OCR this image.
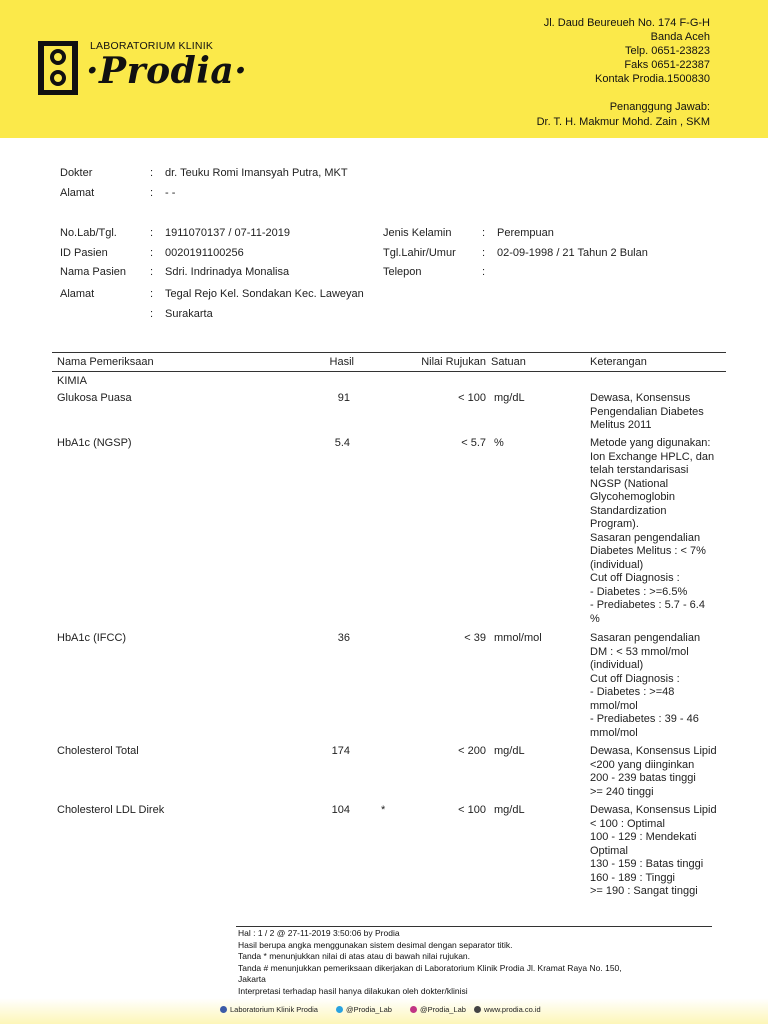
LABORATORIUM KLINIK
·Prodia·
Jl. Daud Beureueh No. 174 F-G-H
Banda Aceh
Telp. 0651-23823
Faks 0651-22387
Kontak Prodia.1500830
Penanggung Jawab:
Dr. T. H. Makmur Mohd. Zain , SKM
Dokter	: dr. Teuku Romi Imansyah Putra, MKT
Alamat	: - -
No.Lab/Tgl.	: 1911070137 / 07-11-2019
ID Pasien	: 0020191100256
Nama Pasien : Sdri. Indrinadya Monalisa
Alamat	: Tegal Rejo Kel. Sondakan Kec. Laweyan
: Surakarta
Jenis Kelamin	: Perempuan
Tgl.Lahir/Umur : 02-09-1998 / 21 Tahun 2 Bulan
Telepon	:
Nama Pemeriksaan	Hasil	Nilai Rujukan Satuan	Keterangan
KIMIA
Glukosa Puasa	91	< 100 mg/dL	Dewasa, Konsensus
Pengendalian Diabetes
Melitus 2011
HbA1c (NGSP)	5.4	< 5.7 %	Metode yang digunakan:
Ion Exchange HPLC, dan
telah terstandarisasi
NGSP (National
Glycohemoglobin
Standardization
Program).
Sasaran pengendalian
Diabetes Melitus : < 7%
(individual)
Cut off Diagnosis :
- Diabetes : >=6.5%
- Prediabetes : 5.7 - 6.4
%
HbA1c (IFCC)	36	< 39 mmol/mol	Sasaran pengendalian
DM : < 53 mmol/mol
(individual)
Cut off Diagnosis :
- Diabetes : >=48
mmol/mol
- Prediabetes : 39 - 46
mmol/mol
Cholesterol Total	174	< 200 mg/dL	Dewasa, Konsensus Lipid
<200 yang diinginkan
200 - 239 batas tinggi
>= 240 tinggi
Cholesterol LDL Direk	104	*	< 100 mg/dL	Dewasa, Konsensus Lipid
< 100 : Optimal
100 - 129 : Mendekati
Optimal
130 - 159 : Batas tinggi
160 - 189 : Tinggi
>= 190 : Sangat tinggi
Hal : 1 / 2 @ 27-11-2019 3:50:06 by Prodia
Hasil berupa angka menggunakan sistem desimal dengan separator titik.
Tanda * menunjukkan nilai di atas atau di bawah nilai rujukan.
Tanda # menunjukkan pemeriksaan dikerjakan di Laboratorium Klinik Prodia Jl. Kramat Raya No. 150,
Jakarta
Interpretasi terhadap hasil hanya dilakukan oleh dokter/klinisi
Laboratorium Klinik Prodia	@Prodia_Lab	@Prodia_Lab www.prodia.co.id
